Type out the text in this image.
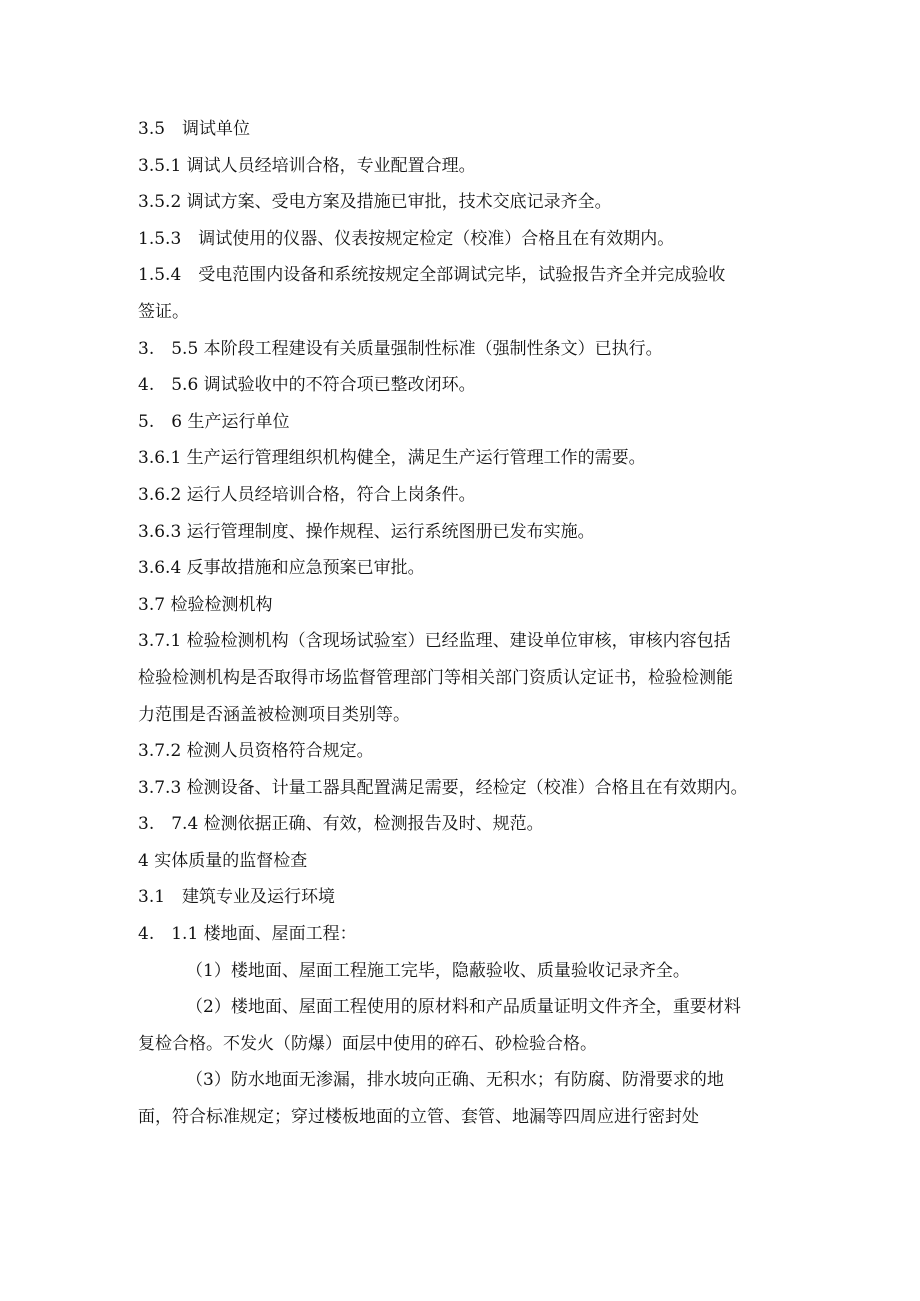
3.5　调试单位

3.5.1 调试人员经培训合格，专业配置合理。

3.5.2 调试方案、受电方案及措施已审批，技术交底记录齐全。

1.5.3　调试使用的仪器、仪表按规定检定（校准）合格且在有效期内。

1.5.4　受电范围内设备和系统按规定全部调试完毕，试验报告齐全并完成验收

签证。

3.　5.5 本阶段工程建设有关质量强制性标准（强制性条文）已执行。

4.　5.6 调试验收中的不符合项已整改闭环。

5.　6 生产运行单位

3.6.1 生产运行管理组织机构健全，满足生产运行管理工作的需要。

3.6.2 运行人员经培训合格，符合上岗条件。

3.6.3 运行管理制度、操作规程、运行系统图册已发布实施。

3.6.4 反事故措施和应急预案已审批。

3.7 检验检测机构

3.7.1 检验检测机构（含现场试验室）已经监理、建设单位审核，审核内容包括

检验检测机构是否取得市场监督管理部门等相关部门资质认定证书，检验检测能

力范围是否涵盖被检测项目类别等。

3.7.2 检测人员资格符合规定。

3.7.3 检测设备、计量工器具配置满足需要，经检定（校准）合格且在有效期内。

3.　7.4 检测依据正确、有效，检测报告及时、规范。

4 实体质量的监督检查

3.1　建筑专业及运行环境

4.　1.1 楼地面、屋面工程：

（1）楼地面、屋面工程施工完毕，隐蔽验收、质量验收记录齐全。

（2）楼地面、屋面工程使用的原材料和产品质量证明文件齐全，重要材料

复检合格。不发火（防爆）面层中使用的碎石、砂检验合格。

（3）防水地面无渗漏，排水坡向正确、无积水；有防腐、防滑要求的地

面，符合标准规定；穿过楼板地面的立管、套管、地漏等四周应进行密封处
